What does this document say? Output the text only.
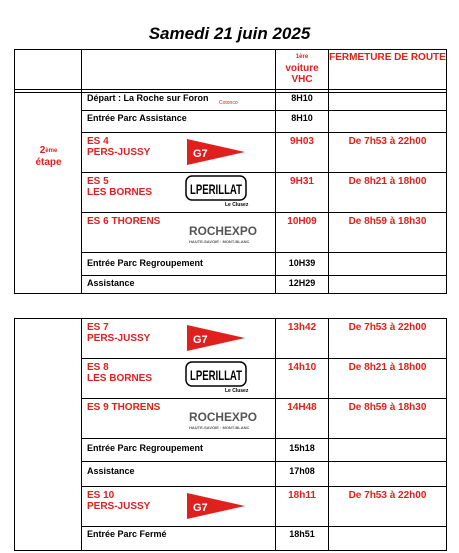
Samedi 21 juin 2025
		$^{1ère}$
voiture VHC	FERMETURE DE ROUTE

2ème
étape	Départ : La Roche sur Foron Cotonco	8H10	
	Entrée Parc Assistance	8H10	
	ES 4
PERS-JUSSY G7	9H03	De 7h53 à 22h00
	ES 5
LES BORNES LPERILLAT
Le Clusez	9H31	De 8h21 à 18h00
	ES 6 THORENS
ROCHEXPO
HAUTE-SAVOIE · MONT-BLANC	10H09	De 8h59 à 18h30
	Entrée Parc Regroupement	10H39	
	Assistance	12H29	
	ES 7
PERS-JUSSY G7	13h42	De 7h53 à 22h00
	ES 8
LES BORNES LPERILLAT
Le Clusez	14h10	De 8h21 à 18h00
	ES 9 THORENS
ROCHEXPO
HAUTE-SAVOIE · MONT-BLANC	14H48	De 8h59 à 18h30
	Entrée Parc Regroupement	15h18	
	Assistance	17h08	
	ES 10
PERS-JUSSY G7	18h11	De 7h53 à 22h00
	Entrée Parc Fermé	18h51	
